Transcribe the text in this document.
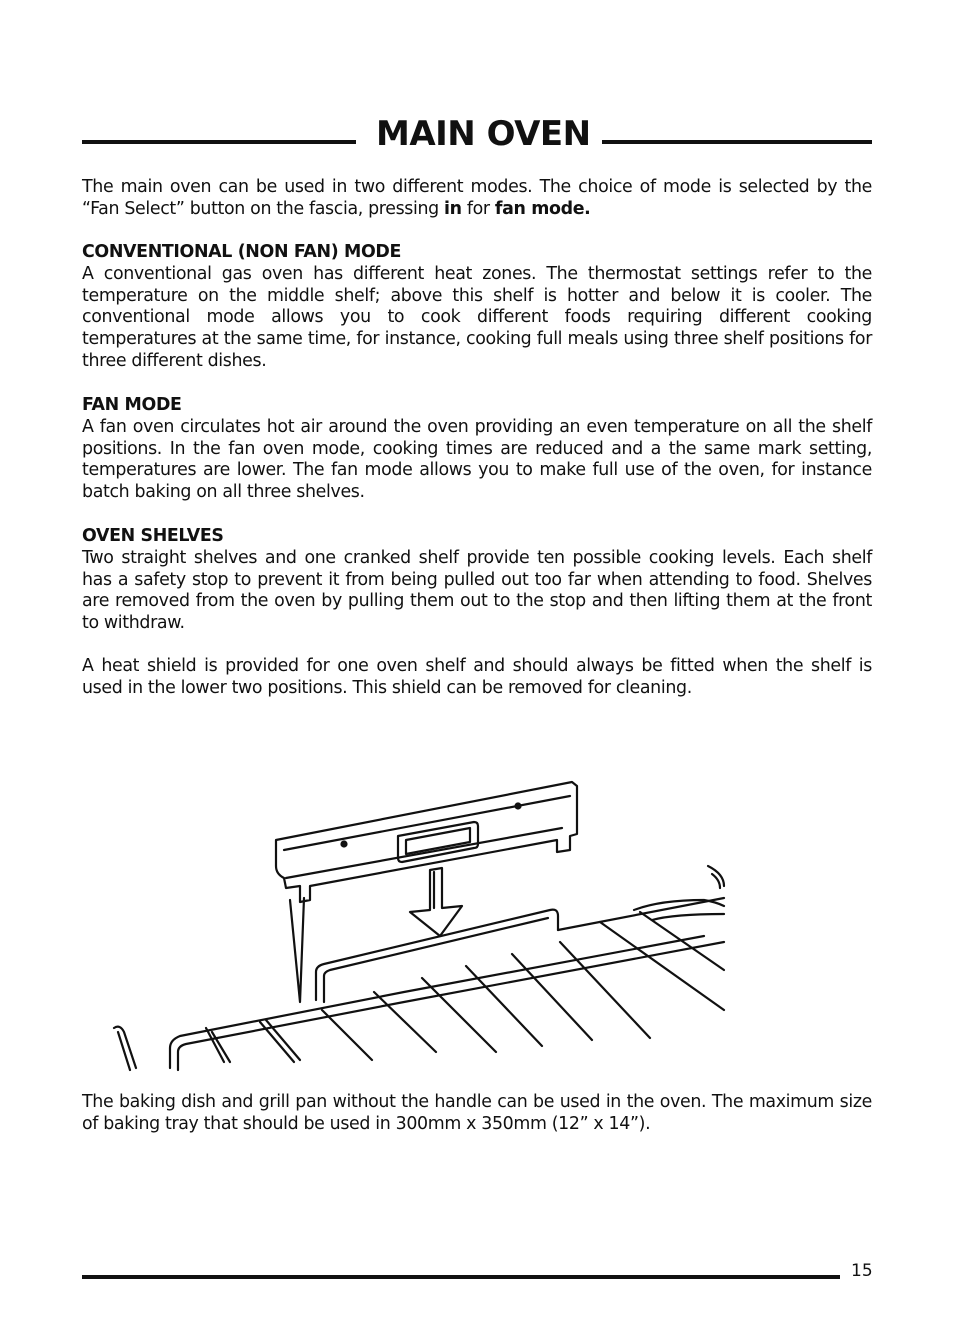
MAIN OVEN

The main oven can be used in two different modes. The choice of mode is selected by the “Fan Select” button on the fascia, pressing in for fan mode.

CONVENTIONAL (NON FAN) MODE

A conventional gas oven has different heat zones. The thermostat settings refer to the temperature on the middle shelf; above this shelf is hotter and below it is cooler. The conventional mode allows you to cook different foods requiring different cooking temperatures at the same time, for instance, cooking full meals using three shelf positions for three different dishes.

FAN MODE

A fan oven circulates hot air around the oven providing an even temperature on all the shelf positions. In the fan oven mode, cooking times are reduced and a the same mark setting, temperatures are lower. The fan mode allows you to make full use of the oven, for instance batch baking on all three shelves.

OVEN SHELVES

Two straight shelves and one cranked shelf provide ten possible cooking levels. Each shelf has a safety stop to prevent it from being pulled out too far when attending to food. Shelves are removed from the oven by pulling them out to the stop and then lifting them at the front to withdraw.

A heat shield is provided for one oven shelf and should always be fitted when the shelf is used in the lower two positions. This shield can be removed for cleaning.

The baking dish and grill pan without the handle can be used in the oven. The maximum size of baking tray that should be used in 300mm x 350mm (12” x 14”).

15
